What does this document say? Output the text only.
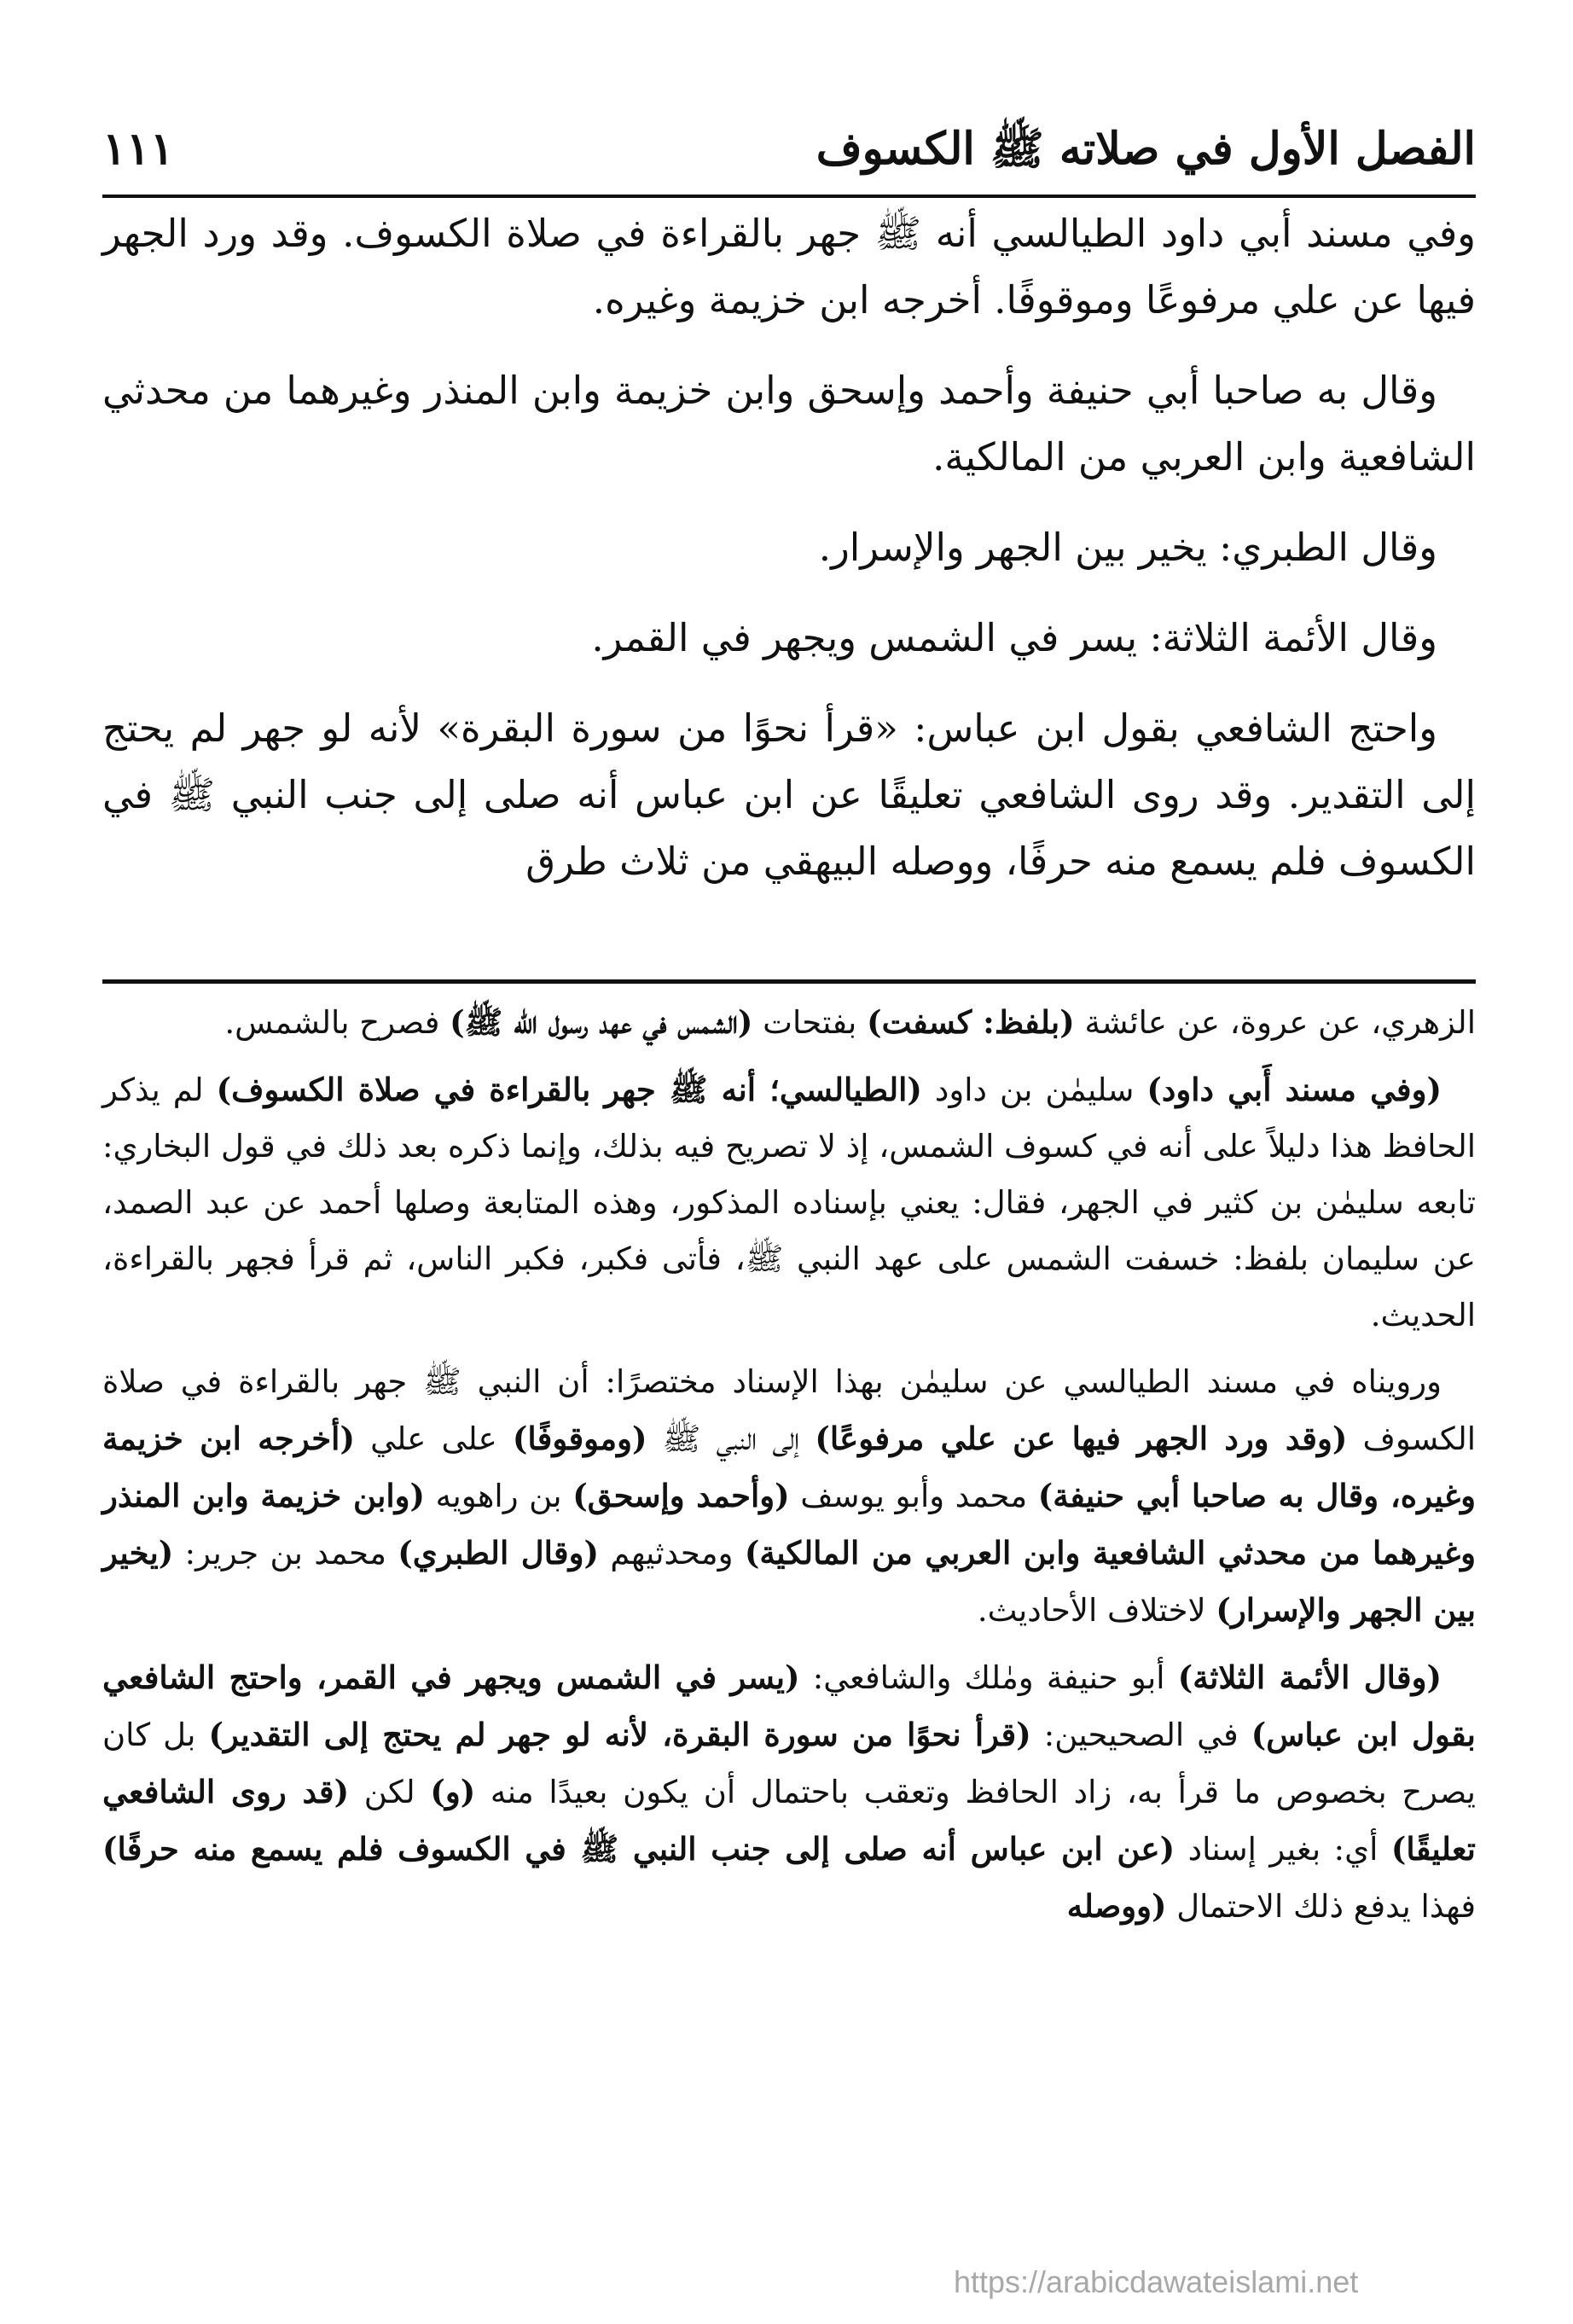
الفصل الأول في صلاته ﷺ الكسوف
١١١

وفي مسند أبي داود الطيالسي أنه ﷺ جهر بالقراءة في صلاة الكسوف. وقد ورد الجهر فيها عن علي مرفوعًا وموقوفًا. أخرجه ابن خزيمة وغيره.

وقال به صاحبا أبي حنيفة وأحمد وإسحق وابن خزيمة وابن المنذر وغيرهما من محدثي الشافعية وابن العربي من المالكية.

وقال الطبري: يخير بين الجهر والإسرار.

وقال الأئمة الثلاثة: يسر في الشمس ويجهر في القمر.

واحتج الشافعي بقول ابن عباس: «قرأ نحوًا من سورة البقرة» لأنه لو جهر لم يحتج إلى التقدير. وقد روى الشافعي تعليقًا عن ابن عباس أنه صلى إلى جنب النبي ﷺ في الكسوف فلم يسمع منه حرفًا، ووصله البيهقي من ثلاث طرق

الزهري، عن عروة، عن عائشة (بلفظ: كسفت) بفتحات (الشمس في عهد رسول الله ﷺ) فصرح بالشمس.

(وفي مسند أَبي داود) سليمٰن بن داود (الطيالسي؛ أنه ﷺ جهر بالقراءة في صلاة الكسوف) لم يذكر الحافظ هذا دليلاً على أنه في كسوف الشمس، إذ لا تصريح فيه بذلك، وإنما ذكره بعد ذلك في قول البخاري: تابعه سليمٰن بن كثير في الجهر، فقال: يعني بإسناده المذكور، وهذه المتابعة وصلها أحمد عن عبد الصمد، عن سليمان بلفظ: خسفت الشمس على عهد النبي ﷺ، فأتى فكبر، فكبر الناس، ثم قرأ فجهر بالقراءة، الحديث.

ورويناه في مسند الطيالسي عن سليمٰن بهذا الإسناد مختصرًا: أن النبي ﷺ جهر بالقراءة في صلاة الكسوف (وقد ورد الجهر فيها عن علي مرفوعًا) إلى النبي ﷺ (وموقوفًا) على علي (أخرجه ابن خزيمة وغيره، وقال به صاحبا أبي حنيفة) محمد وأبو يوسف (وأحمد وإسحق) بن راهويه (وابن خزيمة وابن المنذر وغيرهما من محدثي الشافعية وابن العربي من المالكية) ومحدثيهم (وقال الطبري) محمد بن جرير: (يخير بين الجهر والإسرار) لاختلاف الأحاديث.

(وقال الأئمة الثلاثة) أبو حنيفة ومٰلك والشافعي: (يسر في الشمس ويجهر في القمر، واحتج الشافعي بقول ابن عباس) في الصحيحين: (قرأ نحوًا من سورة البقرة، لأنه لو جهر لم يحتج إلى التقدير) بل كان يصرح بخصوص ما قرأ به، زاد الحافظ وتعقب باحتمال أن يكون بعيدًا منه (و) لكن (قد روى الشافعي تعليقًا) أي: بغير إسناد (عن ابن عباس أنه صلى إلى جنب النبي ﷺ في الكسوف فلم يسمع منه حرفًا) فهذا يدفع ذلك الاحتمال (ووصله

https://arabicdawateislami.net
